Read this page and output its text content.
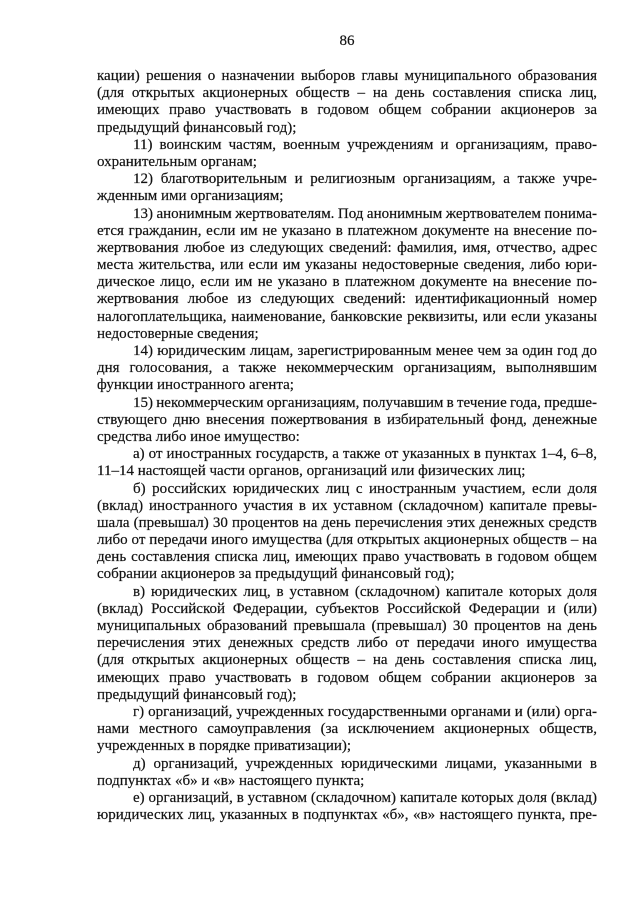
86
кации) решения о назначении выборов главы муниципального образования
(для открытых акционерных обществ – на день составления списка лиц,
имеющих право участвовать в годовом общем собрании акционеров за
предыдущий финансовый год);
11) воинским частям, военным учреждениям и организациям, право-
охранительным органам;
12) благотворительным и религиозным организациям, а также учре-
жденным ими организациям;
13) анонимным жертвователям. Под анонимным жертвователем понима-
ется гражданин, если им не указано в платежном документе на внесение по-
жертвования любое из следующих сведений: фамилия, имя, отчество, адрес
места жительства, или если им указаны недостоверные сведения, либо юри-
дическое лицо, если им не указано в платежном документе на внесение по-
жертвования любое из следующих сведений: идентификационный номер
налогоплательщика, наименование, банковские реквизиты, или если указаны
недостоверные сведения;
14) юридическим лицам, зарегистрированным менее чем за один год до
дня голосования, а также некоммерческим организациям, выполнявшим
функции иностранного агента;
15) некоммерческим организациям, получавшим в течение года, предше-
ствующего дню внесения пожертвования в избирательный фонд, денежные
средства либо иное имущество:
а) от иностранных государств, а также от указанных в пунктах 1–4, 6–8,
11–14 настоящей части органов, организаций или физических лиц;
б) российских юридических лиц с иностранным участием, если доля
(вклад) иностранного участия в их уставном (складочном) капитале превы-
шала (превышал) 30 процентов на день перечисления этих денежных средств
либо от передачи иного имущества (для открытых акционерных обществ – на
день составления списка лиц, имеющих право участвовать в годовом общем
собрании акционеров за предыдущий финансовый год);
в) юридических лиц, в уставном (складочном) капитале которых доля
(вклад) Российской Федерации, субъектов Российской Федерации и (или)
муниципальных образований превышала (превышал) 30 процентов на день
перечисления этих денежных средств либо от передачи иного имущества
(для открытых акционерных обществ – на день составления списка лиц,
имеющих право участвовать в годовом общем собрании акционеров за
предыдущий финансовый год);
г) организаций, учрежденных государственными органами и (или) орга-
нами местного самоуправления (за исключением акционерных обществ,
учрежденных в порядке приватизации);
д) организаций, учрежденных юридическими лицами, указанными в
подпунктах «б» и «в» настоящего пункта;
е) организаций, в уставном (складочном) капитале которых доля (вклад)
юридических лиц, указанных в подпунктах «б», «в» настоящего пункта, пре-
